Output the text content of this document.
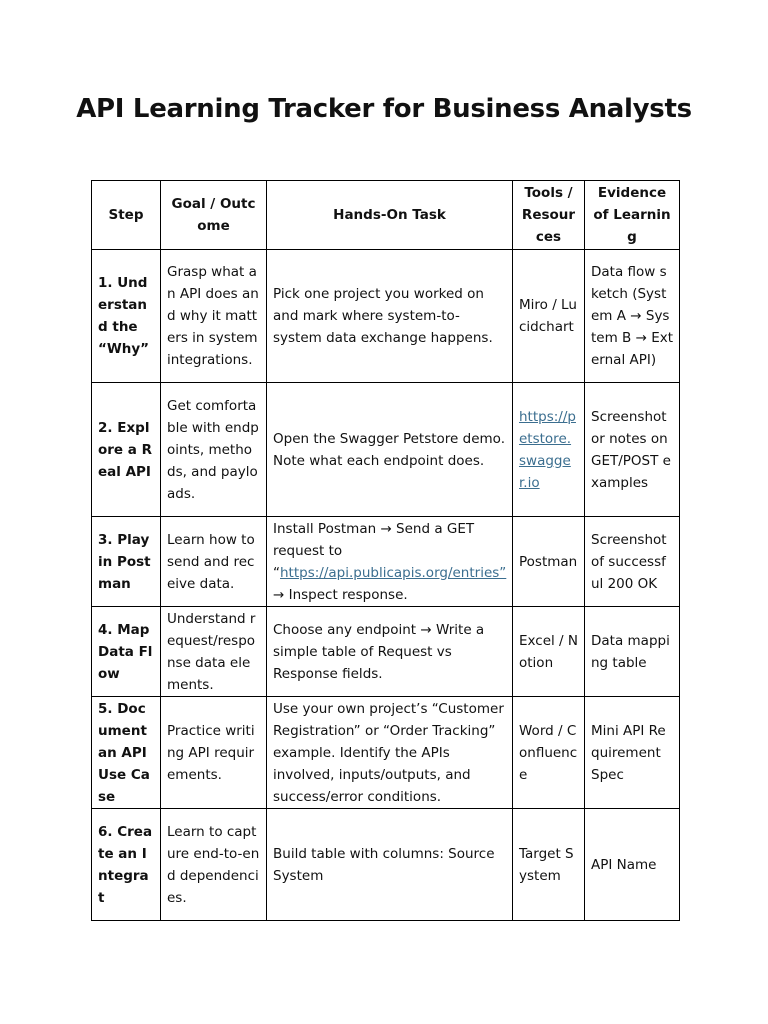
API Learning Tracker for Business Analysts
Step	Goal / Outcome	Hands-On Task	Tools / Resources	Evidence of Learning
1. Understand the “Why”	Grasp what an API does and why it matters in system integrations.	Pick one project you worked on and mark where system-to-system data exchange happens.	Miro / Lucidchart	Data flow sketch (System A → System B → External API)
2. Explore a Real API	Get comfortable with endpoints, methods, and payloads.	Open the Swagger Petstore demo. Note what each endpoint does.	https://petstore.swagger.io	Screenshot or notes on GET/POST examples
3. Play in Postman	Learn how to send and receive data.	Install Postman → Send a GET request to “https://api.publicapis.org/entries” → Inspect response.	Postman	Screenshot of successful 200 OK
4. Map Data Flow	Understand request/response data elements.	Choose any endpoint → Write a simple table of Request vs Response fields.	Excel / Notion	Data mapping table
5. Document an API Use Case	Practice writing API requirements.	Use your own project’s “Customer Registration” or “Order Tracking” example. Identify the APIs involved, inputs/outputs, and success/error conditions.	Word / Confluence	Mini API Requirement Spec
6. Create an Integrat	Learn to capture end-to-end dependencies.	Build table with columns: Source System	Target System	API Name
